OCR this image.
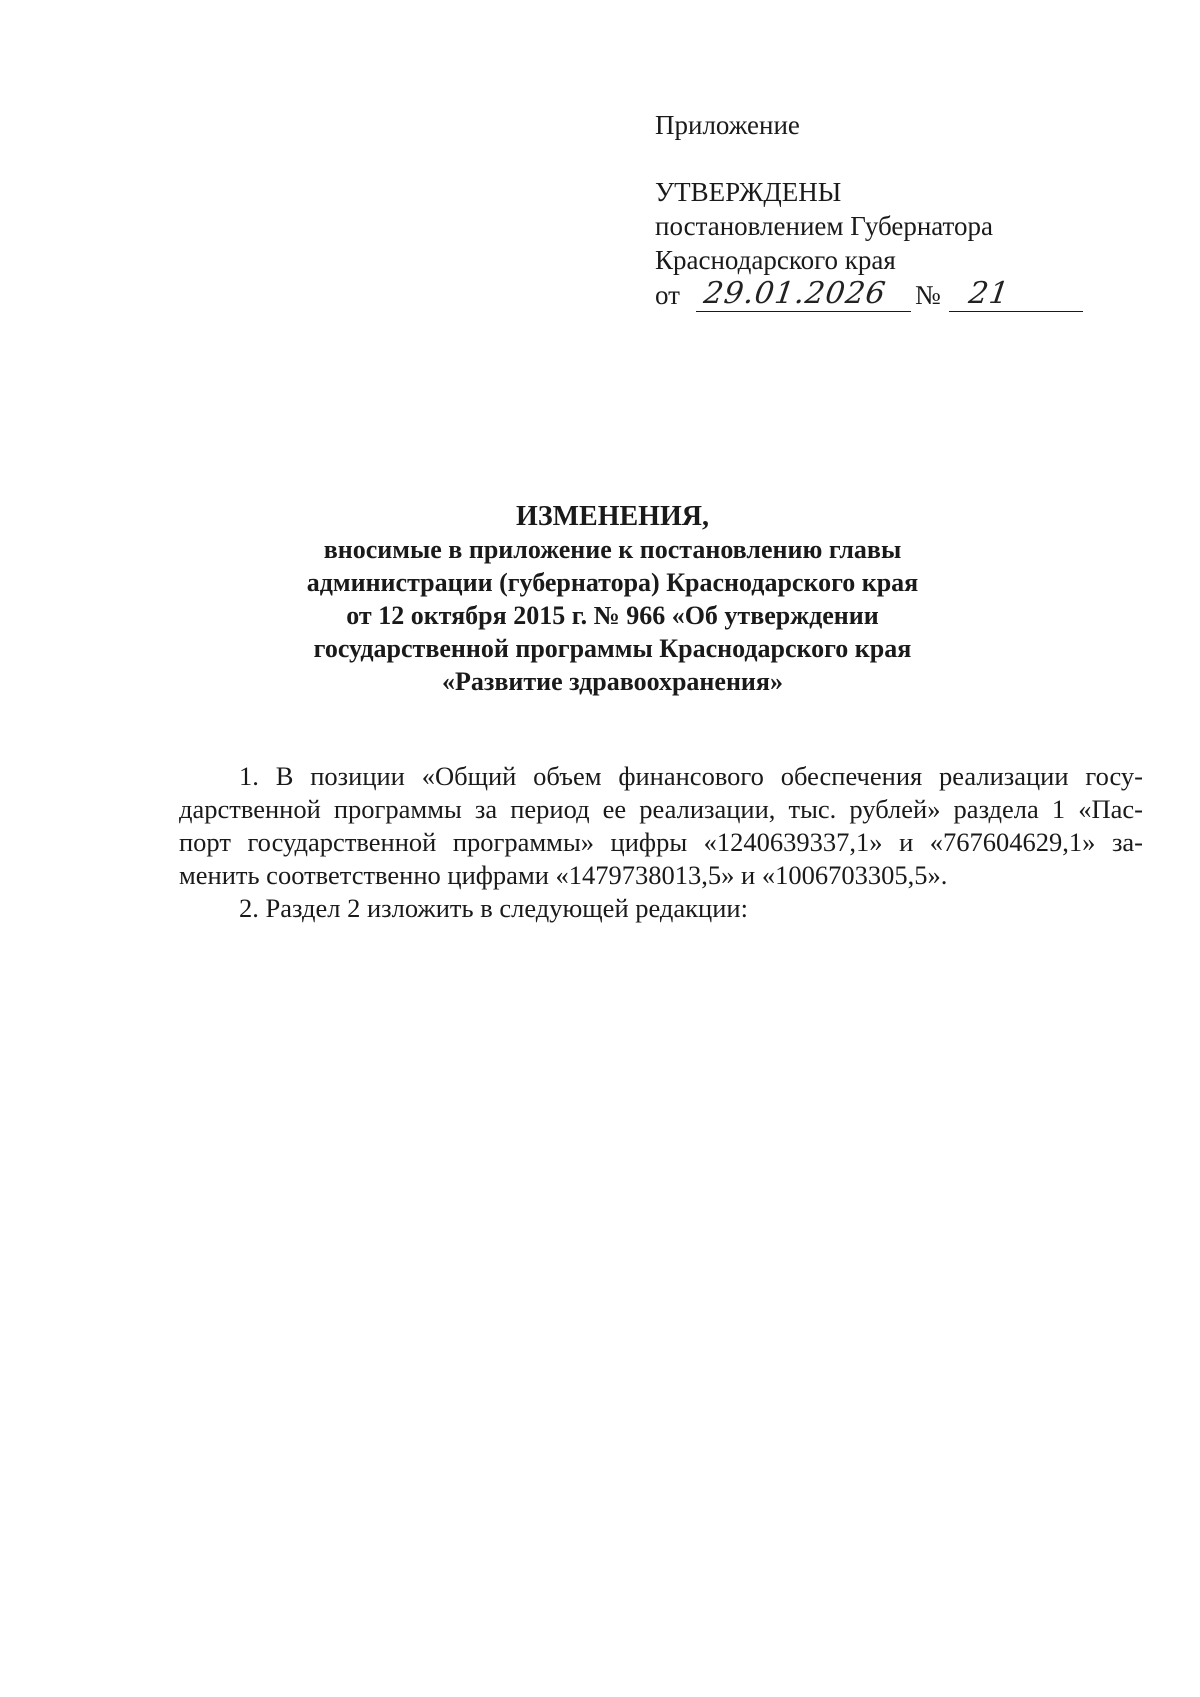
Приложение
УТВЕРЖДЕНЫ
постановлением Губернатора
Краснодарского края
от 29.01.2026 № 21
ИЗМЕНЕНИЯ,
вносимые в приложение к постановлению главы
администрации (губернатора) Краснодарского края
от 12 октября 2015 г. № 966 «Об утверждении
государственной программы Краснодарского края
«Развитие здравоохранения»

1. В позиции «Общий объем финансового обеспечения реализации госу-
дарственной программы за период ее реализации, тыс. рублей» раздела 1 «Пас-
порт государственной программы» цифры «1240639337,1» и «767604629,1» за-
менить соответственно цифрами «1479738013,5» и «1006703305,5».

2. Раздел 2 изложить в следующей редакции:
